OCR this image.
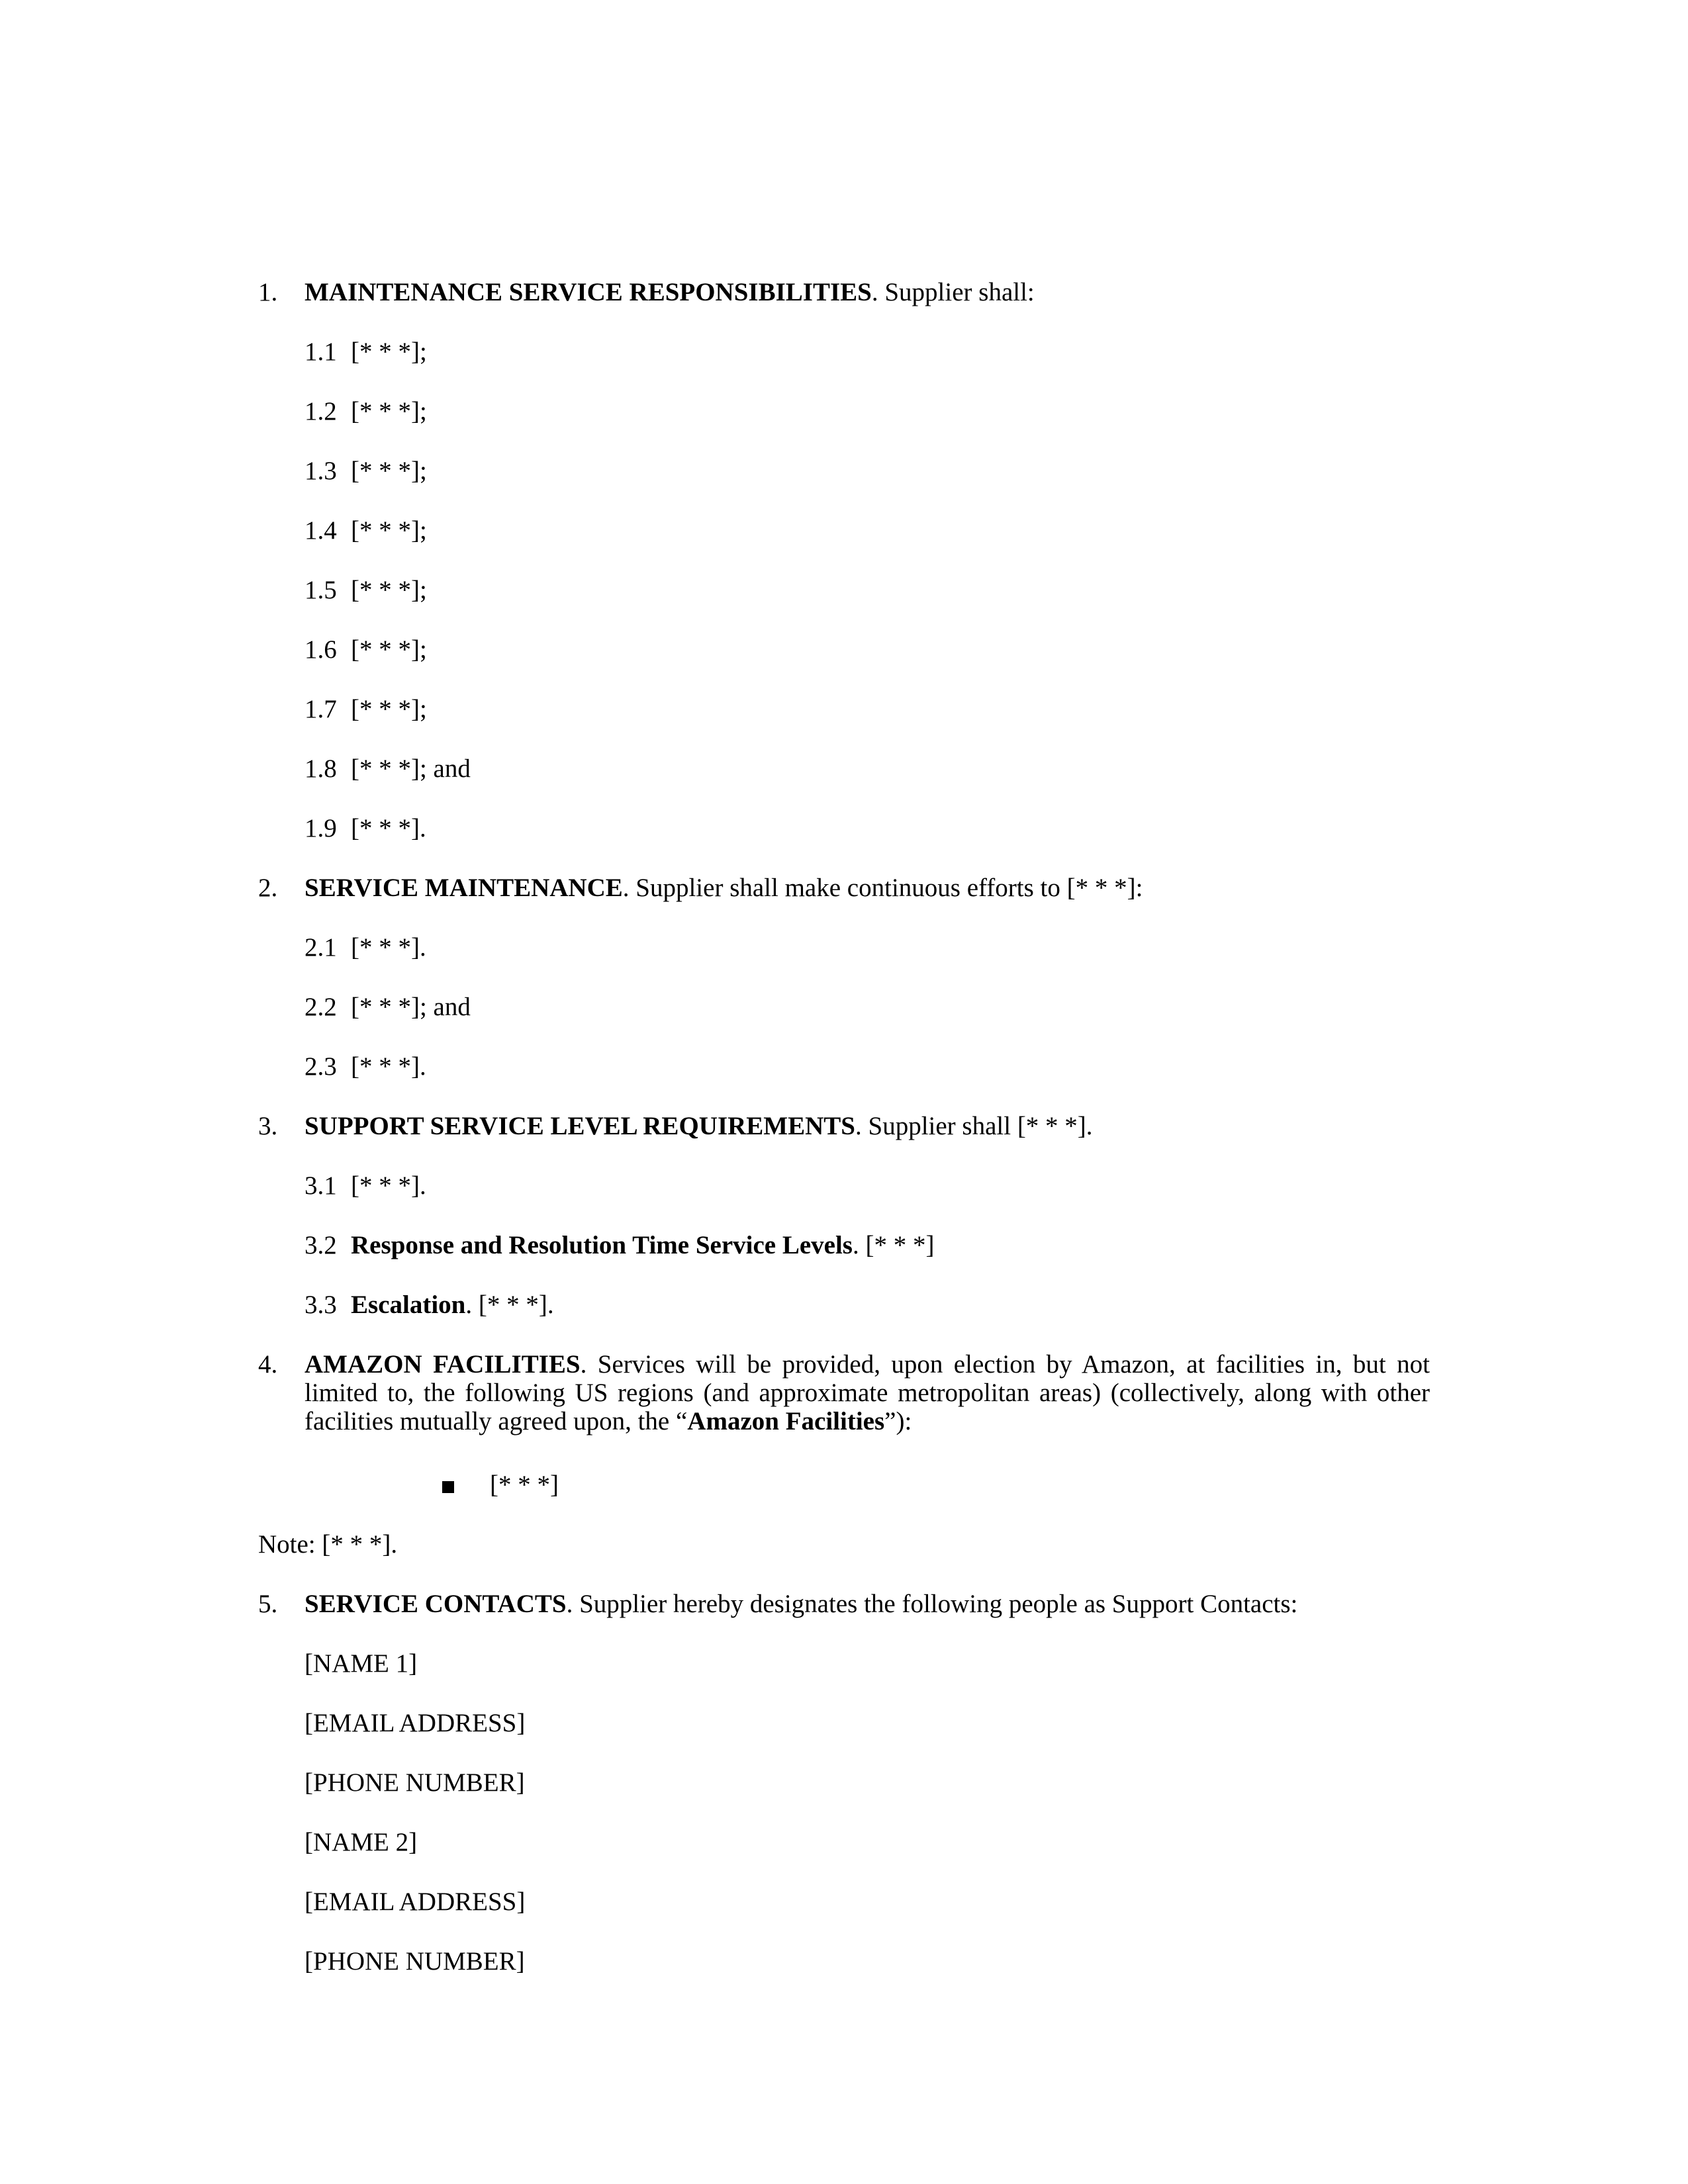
1. MAINTENANCE SERVICE RESPONSIBILITIES. Supplier shall:
1.1 [* * *];
1.2 [* * *];
1.3 [* * *];
1.4 [* * *];
1.5 [* * *];
1.6 [* * *];
1.7 [* * *];
1.8 [* * *]; and
1.9 [* * *].
2. SERVICE MAINTENANCE. Supplier shall make continuous efforts to [* * *]:
2.1 [* * *].
2.2 [* * *]; and
2.3 [* * *].
3. SUPPORT SERVICE LEVEL REQUIREMENTS. Supplier shall [* * *].
3.1 [* * *].
3.2 Response and Resolution Time Service Levels. [* * *]
3.3 Escalation. [* * *].
4. AMAZON FACILITIES. Services will be provided, upon election by Amazon, at facilities in, but not limited to, the following US regions (and approximate metropolitan areas) (collectively, along with other facilities mutually agreed upon, the “Amazon Facilities”):
[* * *]
Note: [* * *].
5. SERVICE CONTACTS. Supplier hereby designates the following people as Support Contacts:
[NAME 1]
[EMAIL ADDRESS]
[PHONE NUMBER]
[NAME 2]
[EMAIL ADDRESS]
[PHONE NUMBER]
